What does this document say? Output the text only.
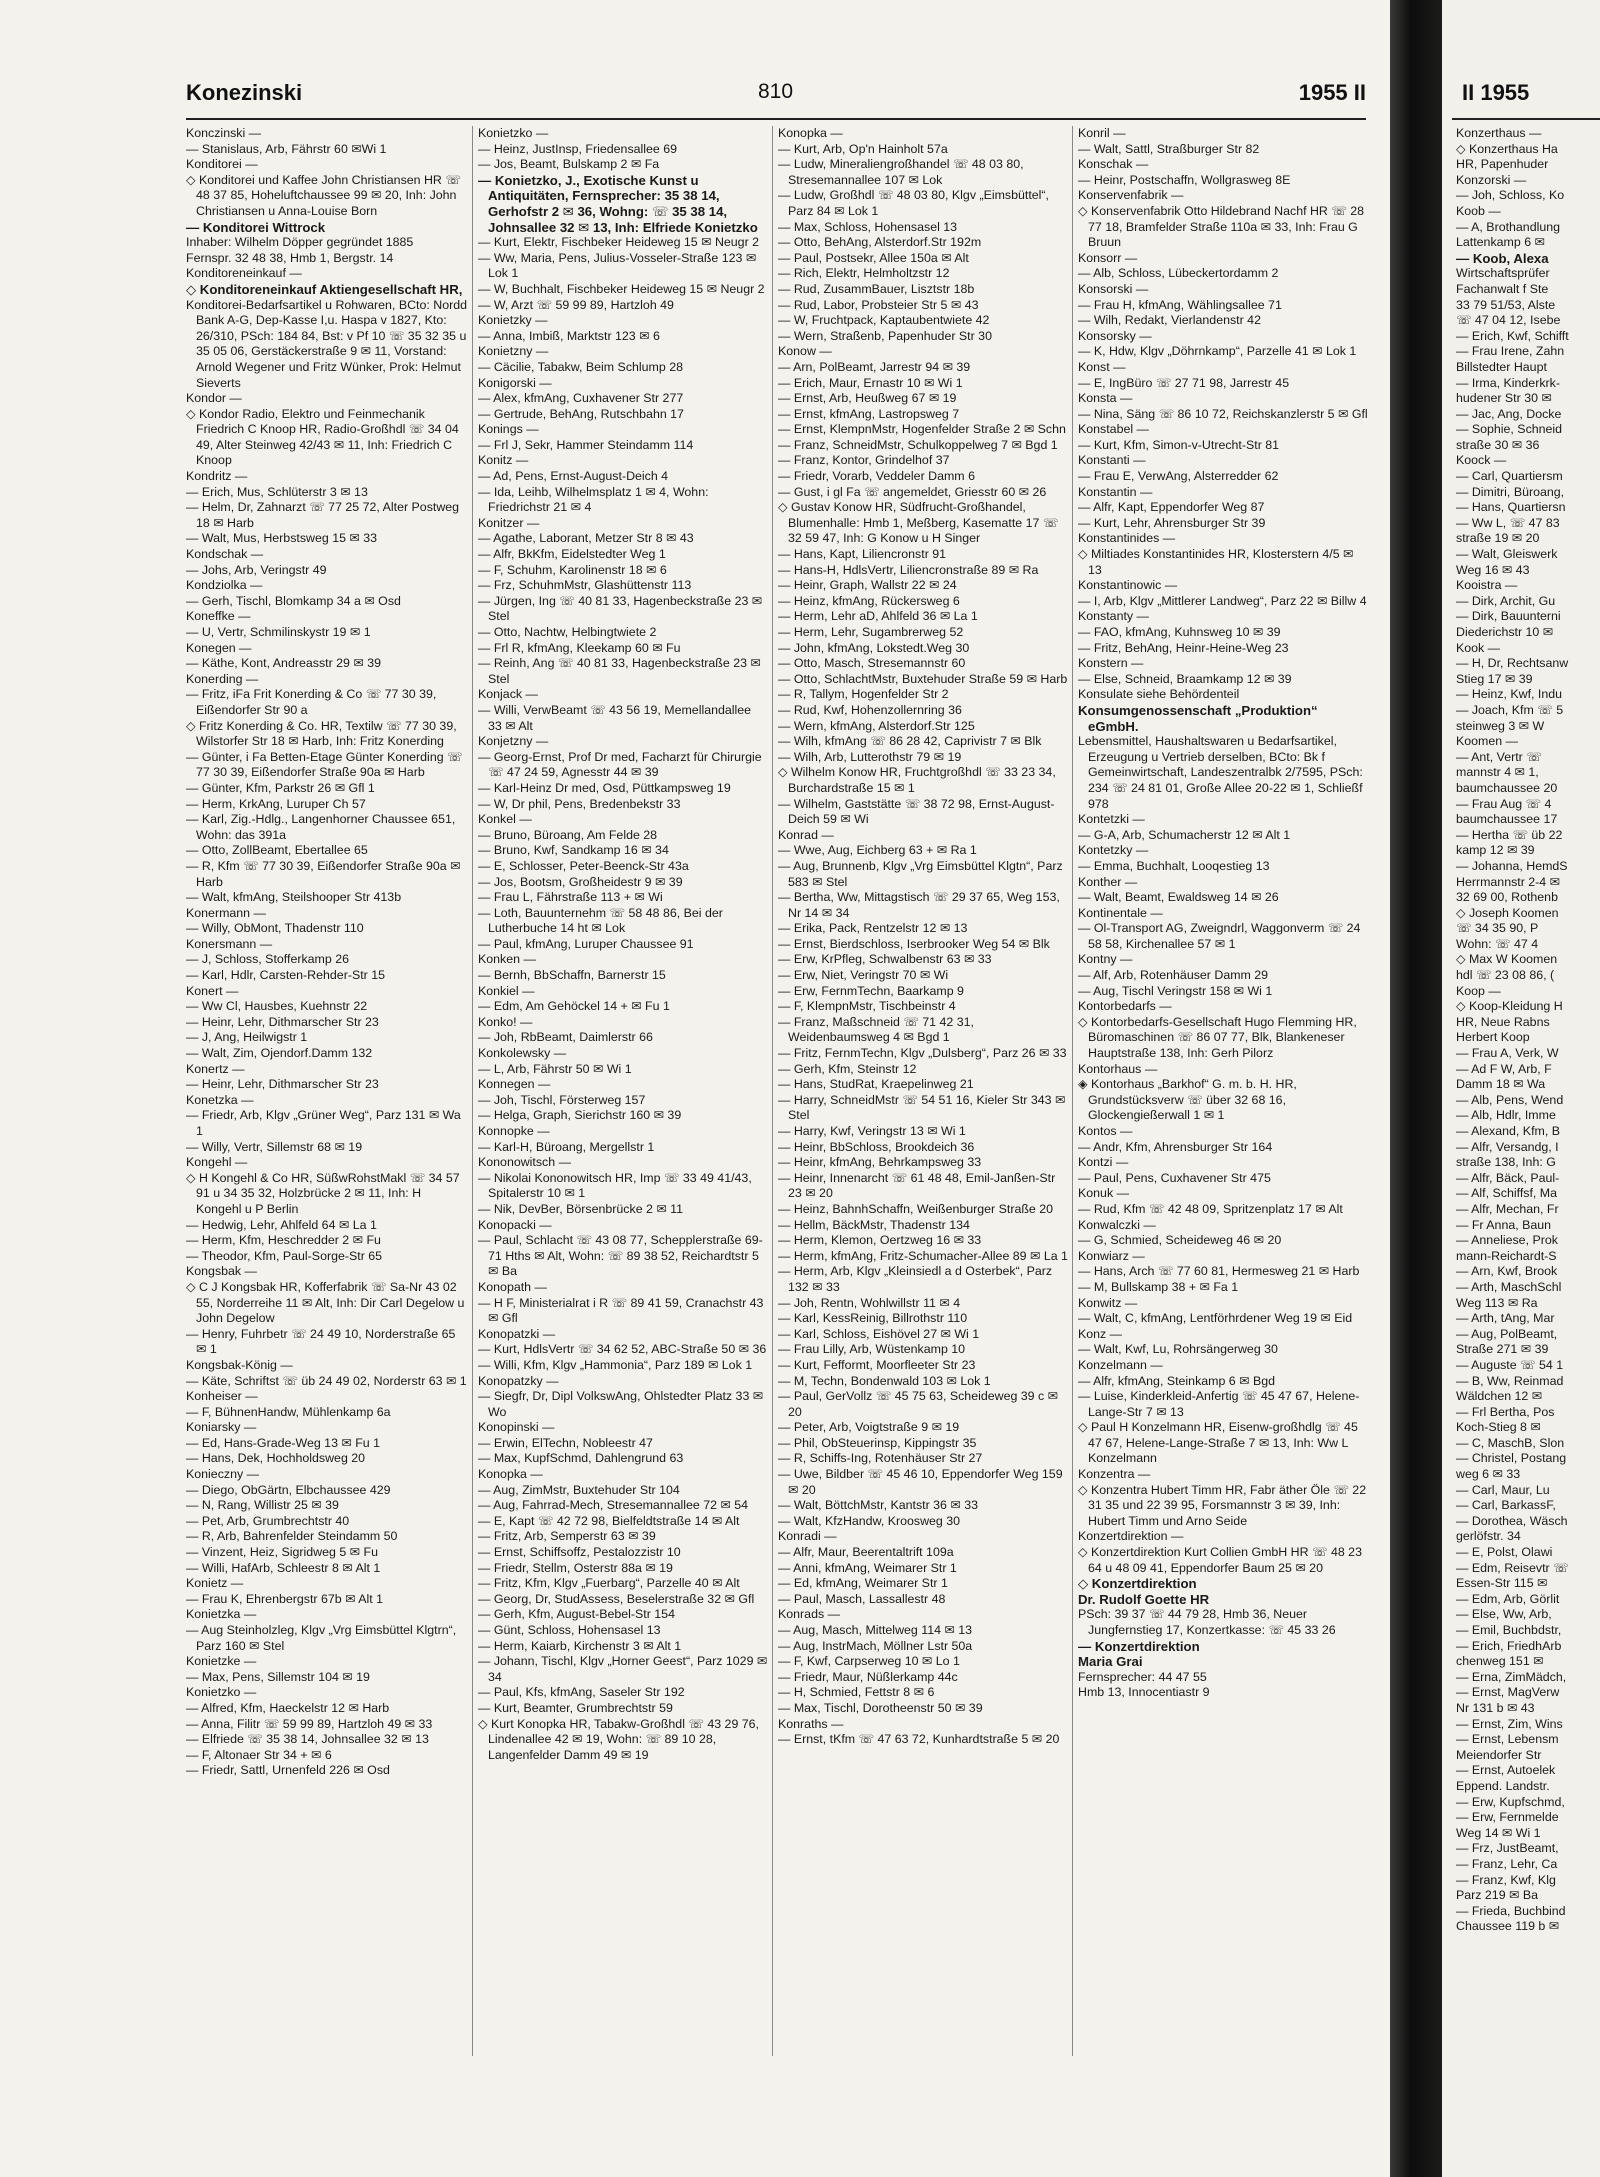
Konezinski	810	1955 II

Konczinski —

— Stanislaus, Arb, Fährstr 60 ✉Wi 1

Konditorei —

◇ Konditorei und Kaffee John Christiansen HR ☏ 48 37 85, Hoheluftchaussee 99 ✉ 20, Inh: John Christiansen u Anna-Louise Born

— Konditorei Wittrock

Inhaber: Wilhelm Döpper gegründet 1885

Fernspr. 32 48 38, Hmb 1, Bergstr. 14

Konditoreneinkauf —

◇ Konditoreneinkauf Aktiengesellschaft HR,

Konditorei-Bedarfsartikel u Rohwaren, BCto: Nordd Bank A-G, Dep-Kasse I,u. Haspa v 1827, Kto: 26/310, PSch: 184 84, Bst: v Pf 10 ☏ 35 32 35 u 35 05 06, Gerstäckerstraße 9 ✉ 11, Vorstand: Arnold Wegener und Fritz Wünker, Prok: Helmut Sieverts

Kondor —

◇ Kondor Radio, Elektro und Feinmechanik Friedrich C Knoop HR, Radio-Großhdl ☏ 34 04 49, Alter Steinweg 42/43 ✉ 11, Inh: Friedrich C Knoop

Kondritz —

— Erich, Mus, Schlüterstr 3 ✉ 13

— Helm, Dr, Zahnarzt ☏ 77 25 72, Alter Postweg 18 ✉ Harb

— Walt, Mus, Herbstsweg 15 ✉ 33

Kondschak —

— Johs, Arb, Veringstr 49

Kondziolka —

— Gerh, Tischl, Blomkamp 34 a ✉ Osd

Koneffke —

— U, Vertr, Schmilinskystr 19 ✉ 1

Konegen —

— Käthe, Kont, Andreasstr 29 ✉ 39

Konerding —

— Fritz, iFa Frit Konerding & Co ☏ 77 30 39, Eißendorfer Str 90 a

◇ Fritz Konerding & Co. HR, Textilw ☏ 77 30 39, Wilstorfer Str 18 ✉ Harb, Inh: Fritz Konerding

— Günter, i Fa Betten-Etage Günter Konerding ☏ 77 30 39, Eißendorfer Straße 90a ✉ Harb

— Günter, Kfm, Parkstr 26 ✉ Gfl 1

— Herm, KrkAng, Luruper Ch 57

— Karl, Zig.-Hdlg., Langenhorner Chaussee 651, Wohn: das 391a

— Otto, ZollBeamt, Ebertallee 65

— R, Kfm ☏ 77 30 39, Eißendorfer Straße 90a ✉ Harb

— Walt, kfmAng, Steilshooper Str 413b

Konermann —

— Willy, ObMont, Thadenstr 110

Konersmann —

— J, Schloss, Stofferkamp 26

— Karl, Hdlr, Carsten-Rehder-Str 15

Konert —

— Ww Cl, Hausbes, Kuehnstr 22

— Heinr, Lehr, Dithmarscher Str 23

— J, Ang, Heilwigstr 1

— Walt, Zim, Ojendorf.Damm 132

Konertz —

— Heinr, Lehr, Dithmarscher Str 23

Konetzka —

— Friedr, Arb, Klgv „Grüner Weg“, Parz 131 ✉ Wa 1

— Willy, Vertr, Sillemstr 68 ✉ 19

Kongehl —

◇ H Kongehl & Co HR, SüßwRohstMakl ☏ 34 57 91 u 34 35 32, Holzbrücke 2 ✉ 11, Inh: H Kongehl u P Berlin

— Hedwig, Lehr, Ahlfeld 64 ✉ La 1

— Herm, Kfm, Heschredder 2 ✉ Fu

— Theodor, Kfm, Paul-Sorge-Str 65

Kongsbak —

◇ C J Kongsbak HR, Kofferfabrik ☏ Sa-Nr 43 02 55, Norderreihe 11 ✉ Alt, Inh: Dir Carl Degelow u John Degelow

— Henry, Fuhrbetr ☏ 24 49 10, Norderstraße 65 ✉ 1

Kongsbak-König —

— Käte, Schriftst ☏ üb 24 49 02, Norderstr 63 ✉ 1

Konheiser —

— F, BühnenHandw, Mühlenkamp 6a

Koniarsky —

— Ed, Hans-Grade-Weg 13 ✉ Fu 1

— Hans, Dek, Hochholdsweg 20

Koniecznу —

— Diego, ObGärtn, Elbchaussee 429

— N, Rang, Willistr 25 ✉ 39

— Pet, Arb, Grumbrechtstr 40

— R, Arb, Bahrenfelder Steindamm 50

— Vinzent, Heiz, Sigridweg 5 ✉ Fu

— Willi, HafArb, Schleestr 8 ✉ Alt 1

Konietz —

— Frau K, Ehrenbergstr 67b ✉ Alt 1

Konietzka —

— Aug Steinholzleg, Klgv „Vrg Eimsbüttel Klgtrn“, Parz 160 ✉ Stel

Konietzke —

— Max, Pens, Sillemstr 104 ✉ 19

Konietzko —

— Alfred, Kfm, Haeckelstr 12 ✉ Harb

— Anna, Filitr ☏ 59 99 89, Hartzloh 49 ✉ 33

— Elfriede ☏ 35 38 14, Johnsallee 32 ✉ 13

— F, Altonaer Str 34 + ✉ 6

— Friedr, Sattl, Urnenfeld 226 ✉ Osd

Konietzko —

— Heinz, JustInsp, Friedensallee 69

— Jos, Beamt, Bulskamp 2 ✉ Fa

— Konietzko, J., Exotische Kunst u Antiquitäten, Fernsprecher: 35 38 14, Gerhofstr 2 ✉ 36, Wohng: ☏ 35 38 14, Johnsallee 32 ✉ 13, Inh: Elfriede Konietzko

— Kurt, Elektr, Fischbeker Heideweg 15 ✉ Neugr 2

— Ww, Maria, Pens, Julius-Vosseler-Straße 123 ✉ Lok 1

— W, Buchhalt, Fischbeker Heideweg 15 ✉ Neugr 2

— W, Arzt ☏ 59 99 89, Hartzloh 49

Konietzky —

— Anna, Imbiß, Marktstr 123 ✉ 6

Konietzny —

— Cäcilie, Tabakw, Beim Schlump 28

Konigorski —

— Alex, kfmAng, Cuxhavener Str 277

— Gertrude, BehAng, Rutschbahn 17

Konings —

— Frl J, Sekr, Hammer Steindamm 114

Konitz —

— Ad, Pens, Ernst-August-Deich 4

— Ida, Leihb, Wilhelmsplatz 1 ✉ 4, Wohn: Friedrichstr 21 ✉ 4

Konitzer —

— Agathe, Laborant, Metzer Str 8 ✉ 43

— Alfr, BkKfm, Eidelstedter Weg 1

— F, Schuhm, Karolinenstr 18 ✉ 6

— Frz, SchuhmMstr, Glashüttenstr 113

— Jürgen, Ing ☏ 40 81 33, Hagenbeckstraße 23 ✉ Stel

— Otto, Nachtw, Helbingtwiete 2

— Frl R, kfmAng, Kleekamp 60 ✉ Fu

— Reinh, Ang ☏ 40 81 33, Hagenbeckstraße 23 ✉ Stel

Konjack —

— Willi, VerwBeamt ☏ 43 56 19, Memellandallee 33 ✉ Alt

Konjetzny —

— Georg-Ernst, Prof Dr med, Facharzt für Chirurgie ☏ 47 24 59, Agnesstr 44 ✉ 39

— Karl-Heinz Dr med, Osd, Püttkampsweg 19

— W, Dr phil, Pens, Bredenbekstr 33

Konkel —

— Bruno, Büroang, Am Felde 28

— Bruno, Kwf, Sandkamp 16 ✉ 34

— E, Schlosser, Peter-Beenck-Str 43a

— Jos, Bootsm, Großheidestr 9 ✉ 39

— Frau L, Fährstraße 113 + ✉ Wi

— Loth, Bauunternehm ☏ 58 48 86, Bei der Lutherbuche 14 ht ✉ Lok

— Paul, kfmAng, Luruper Chaussee 91

Konken —

— Bernh, BbSchaffn, Barnerstr 15

Konkiel —

— Edm, Am Gehöckel 14 + ✉ Fu 1

Konko! —

— Joh, RbBeamt, Daimlerstr 66

Konkolewsky —

— L, Arb, Fährstr 50 ✉ Wi 1

Konnegen —

— Joh, Tischl, Försterweg 157

— Helga, Graph, Sierichstr 160 ✉ 39

Konnopke —

— Karl-H, Büroang, Mergellstr 1

Kononowitsch —

— Nikolai Kononowitsch HR, Imp ☏ 33 49 41/43, Spitalerstr 10 ✉ 1

— Nik, DevBer, Börsenbrücke 2 ✉ 11

Konopacki —

— Paul, Schlacht ☏ 43 08 77, Schepplerstraße 69-71 Hths ✉ Alt, Wohn: ☏ 89 38 52, Reichardtstr 5 ✉ Ba

Konopath —

— H F, Ministerialrat i R ☏ 89 41 59, Cranachstr 43 ✉ Gfl

Konopatzki —

— Kurt, HdlsVertr ☏ 34 62 52, ABC-Straße 50 ✉ 36

— Willi, Kfm, Klgv „Hammonia“, Parz 189 ✉ Lok 1

Konopatzky —

— Siegfr, Dr, Dipl VolkswAng, Ohlstedter Platz 33 ✉ Wo

Konopinski —

— Erwin, ElTechn, Nobleestr 47

— Max, KupfSchmd, Dahlengrund 63

Konopka —

— Aug, ZimMstr, Buxtehuder Str 104

— Aug, Fahrrad-Mech, Stresemannallee 72 ✉ 54

— E, Kapt ☏ 42 72 98, Bielfeldtstraße 14 ✉ Alt

— Fritz, Arb, Semperstr 63 ✉ 39

— Ernst, Schiffsoffz, Pestalozzistr 10

— Friedr, Stellm, Osterstr 88a ✉ 19

— Fritz, Kfm, Klgv „Fuerbarg“, Parzelle 40 ✉ Alt

— Georg, Dr, StudAssess, Beselerstraße 32 ✉ Gfl

— Gerh, Kfm, August-Bebel-Str 154

— Günt, Schloss, Hohensasel 13

— Herm, Kaiarb, Kirchenstr 3 ✉ Alt 1

— Johann, Tischl, Klgv „Horner Geest“, Parz 1029 ✉ 34

— Paul, Kfs, kfmAng, Saseler Str 192

— Kurt, Beamter, Grumbrechtstr 59

◇ Kurt Konopka HR, Tabakw-Großhdl ☏ 43 29 76, Lindenallee 42 ✉ 19, Wohn: ☏ 89 10 28, Langenfelder Damm 49 ✉ 19

Konopka —

— Kurt, Arb, Op'n Hainholt 57a

— Ludw, Mineraliengroßhandel ☏ 48 03 80, Stresemannallee 107 ✉ Lok

— Ludw, Großhdl ☏ 48 03 80, Klgv „Eimsbüttel“, Parz 84 ✉ Lok 1

— Max, Schloss, Hohensasel 13

— Otto, BehAng, Alsterdorf.Str 192m

— Paul, Postsekr, Allee 150a ✉ Alt

— Rich, Elektr, Helmholtzstr 12

— Rud, ZusammBauer, Lisztstr 18b

— Rud, Labor, Probsteier Str 5 ✉ 43

— W, Fruchtpack, Kaptaubentwiete 42

— Wern, Straßenb, Papenhuder Str 30

Konow —

— Arn, PolBeamt, Jarrestr 94 ✉ 39

— Erich, Maur, Ernastr 10 ✉ Wi 1

— Ernst, Arb, Heußweg 67 ✉ 19

— Ernst, kfmAng, Lastropsweg 7

— Ernst, KlempnMstr, Hogenfelder Straße 2 ✉ Schn

— Franz, SchneidMstr, Schulkoppelweg 7 ✉ Bgd 1

— Franz, Kontor, Grindelhof 37

— Friedr, Vorarb, Veddeler Damm 6

— Gust, i gl Fa ☏ angemeldet, Griesstr 60 ✉ 26

◇ Gustav Konow HR, Südfrucht-Großhandel, Blumenhalle: Hmb 1, Meßberg, Kasematte 17 ☏ 32 59 47, Inh: G Konow u H Singer

— Hans, Kapt, Liliencronstr 91

— Hans-H, HdlsVertr, Liliencronstraße 89 ✉ Ra

— Heinr, Graph, Wallstr 22 ✉ 24

— Heinz, kfmAng, Rückersweg 6

— Herm, Lehr aD, Ahlfeld 36 ✉ La 1

— Herm, Lehr, Sugambrerweg 52

— John, kfmAng, Lokstedt.Weg 30

— Otto, Masch, Stresemannstr 60

— Otto, SchlachtMstr, Buxtehuder Straße 59 ✉ Harb

— R, Tallym, Hogenfelder Str 2

— Rud, Kwf, Hohenzollernring 36

— Wern, kfmAng, Alsterdorf.Str 125

— Wilh, kfmAng ☏ 86 28 42, Caprivistr 7 ✉ Blk

— Wilh, Arb, Lutterothstr 79 ✉ 19

◇ Wilhelm Konow HR, Fruchtgroßhdl ☏ 33 23 34, Burchardstraße 15 ✉ 1

— Wilhelm, Gaststätte ☏ 38 72 98, Ernst-August-Deich 59 ✉ Wi

Konrad —

— Wwe, Aug, Eichberg 63 + ✉ Ra 1

— Aug, Brunnenb, Klgv „Vrg Eimsbüttel Klgtn“, Parz 583 ✉ Stel

— Bertha, Ww, Mittagstisch ☏ 29 37 65, Weg 153, Nr 14 ✉ 34

— Erika, Pack, Rentzelstr 12 ✉ 13

— Ernst, Bierdschloss, Iserbrooker Weg 54 ✉ Blk

— Erw, KrPfleg, Schwalbenstr 63 ✉ 33

— Erw, Niet, Veringstr 70 ✉ Wi

— Erw, FernmTechn, Baarkamp 9

— F, KlempnMstr, Tischbeinstr 4

— Franz, Maßschneid ☏ 71 42 31, Weidenbaumsweg 4 ✉ Bgd 1

— Fritz, FernmTechn, Klgv „Dulsberg“, Parz 26 ✉ 33

— Gerh, Kfm, Steinstr 12

— Hans, StudRat, Kraepelinweg 21

— Harry, SchneidMstr ☏ 54 51 16, Kieler Str 343 ✉ Stel

— Harry, Kwf, Veringstr 13 ✉ Wi 1

— Heinr, BbSchloss, Brookdeich 36

— Heinr, kfmAng, Behrkampsweg 33

— Heinr, Innenarcht ☏ 61 48 48, Emil-Janßen-Str 23 ✉ 20

— Heinz, BahnhSchaffn, Weißenburger Straße 20

— Hellm, BäckMstr, Thadenstr 134

— Herm, Klemon, Oertzweg 16 ✉ 33

— Herm, kfmAng, Fritz-Schumacher-Allee 89 ✉ La 1

— Herm, Arb, Klgv „Kleinsiedl a d Osterbek“, Parz 132 ✉ 33

— Joh, Rentn, Wohlwillstr 11 ✉ 4

— Karl, KessReinig, Billrothstr 110

— Karl, Schloss, Eishövel 27 ✉ Wi 1

— Frau Lilly, Arb, Wüstenkamp 10

— Kurt, Fefformt, Moorfleeter Str 23

— M, Techn, Bondenwald 103 ✉ Lok 1

— Paul, GerVollz ☏ 45 75 63, Scheideweg 39 c ✉ 20

— Peter, Arb, Voigtstraße 9 ✉ 19

— Phil, ObSteuerinsp, Kippingstr 35

— R, Schiffs-Ing, Rotenhäuser Str 27

— Uwe, Bildber ☏ 45 46 10, Eppendorfer Weg 159 ✉ 20

— Walt, BöttchMstr, Kantstr 36 ✉ 33

— Walt, KfzHandw, Kroosweg 30

Konradi —

— Alfr, Maur, Beerentaltrift 109a

— Anni, kfmAng, Weimarer Str 1

— Ed, kfmAng, Weimarer Str 1

— Paul, Masch, Lassallestr 48

Konrads —

— Aug, Masch, Mittelweg 114 ✉ 13

— Aug, InstrMach, Möllner Lstr 50a

— F, Kwf, Carpserweg 10 ✉ Lo 1

— Friedr, Maur, Nüßlerkamp 44c

— H, Schmied, Fettstr 8 ✉ 6

— Max, Tischl, Dorotheenstr 50 ✉ 39

Konraths —

— Ernst, tKfm ☏ 47 63 72, Kunhardtstraße 5 ✉ 20

Konril —

— Walt, Sattl, Straßburger Str 82

Konschak —

— Heinr, Postschaffn, Wollgrasweg 8E

Konservenfabrik —

◇ Konservenfabrik Otto Hildebrand Nachf HR ☏ 28 77 18, Bramfelder Straße 110a ✉ 33, Inh: Frau G Bruun

Konsorr —

— Alb, Schloss, Lübeckertordamm 2

Konsorski —

— Frau H, kfmAng, Wählingsallee 71

— Wilh, Redakt, Vierlandenstr 42

Konsorsky —

— K, Hdw, Klgv „Döhrnkamp“, Parzelle 41 ✉ Lok 1

Konst —

— E, IngBüro ☏ 27 71 98, Jarrestr 45

Konsta —

— Nina, Säng ☏ 86 10 72, Reichskanzlerstr 5 ✉ Gfl

Konstabel —

— Kurt, Kfm, Simon-v-Utrecht-Str 81

Konstanti —

— Frau E, VerwAng, Alsterredder 62

Konstantin —

— Alfr, Kapt, Eppendorfer Weg 87

— Kurt, Lehr, Ahrensburger Str 39

Konstantinides —

◇ Miltiades Konstantinides HR, Klosterstern 4/5 ✉ 13

Konstantinowic —

— I, Arb, Klgv „Mittlerer Landweg“, Parz 22 ✉ Billw 4

Konstanty —

— FAO, kfmAng, Kuhnsweg 10 ✉ 39

— Fritz, BehAng, Heinr-Heine-Weg 23

Konstern —

— Else, Schneid, Braamkamp 12 ✉ 39

Konsulate siehe Behördenteil

Konsumgenossenschaft „Produktion“ eGmbH.

Lebensmittel, Haushaltswaren u Bedarfsartikel, Erzeugung u Vertrieb derselben, BCto: Bk f Gemeinwirtschaft, Landeszentralbk 2/7595, PSch: 234 ☏ 24 81 01, Große Allee 20-22 ✉ 1, Schließf 978

Kontetzki —

— G-A, Arb, Schumacherstr 12 ✉ Alt 1

Kontetzky —

— Emma, Buchhalt, Looqestieg 13

Konther —

— Walt, Beamt, Ewaldsweg 14 ✉ 26

Kontinentale —

— Ol-Transport AG, Zweigndrl, Waggonverm ☏ 24 58 58, Kirchenallee 57 ✉ 1

Kontny —

— Alf, Arb, Rotenhäuser Damm 29

— Aug, Tischl Veringstr 158 ✉ Wi 1

Kontorbedarfs —

◇ Kontorbedarfs-Gesellschaft Hugo Flemming HR, Büromaschinen ☏ 86 07 77, Blk, Blankeneser Hauptstraße 138, Inh: Gerh Pilorz

Kontorhaus —

◈ Kontorhaus „Barkhof“ G. m. b. H. HR, Grundstücksverw ☏ über 32 68 16, Glockengießerwall 1 ✉ 1

Kontos —

— Andr, Kfm, Ahrensburger Str 164

Kontzi —

— Paul, Pens, Cuxhavener Str 475

Konuk —

— Rud, Kfm ☏ 42 48 09, Spritzenplatz 17 ✉ Alt

Konwalczki —

— G, Schmied, Scheideweg 46 ✉ 20

Konwiarz —

— Hans, Arch ☏ 77 60 81, Hermesweg 21 ✉ Harb

— M, Bullskamp 38 + ✉ Fa 1

Konwitz —

— Walt, C, kfmAng, Lentförhrdener Weg 19 ✉ Eid

Konz —

— Walt, Kwf, Lu, Rohrsängerweg 30

Konzelmann —

— Alfr, kfmAng, Steinkamp 6 ✉ Bgd

— Luise, Kinderkleid-Anfertig ☏ 45 47 67, Helene-Lange-Str 7 ✉ 13

◇ Paul H Konzelmann HR, Eisenw-großhdlg ☏ 45 47 67, Helene-Lange-Straße 7 ✉ 13, Inh: Ww L Konzelmann

Konzentra —

◇ Konzentra Hubert Timm HR, Fabr äther Öle ☏ 22 31 35 und 22 39 95, Forsmannstr 3 ✉ 39, Inh: Hubert Timm und Arno Seide

Konzertdirektion —

◇ Konzertdirektion Kurt Collien GmbH HR ☏ 48 23 64 u 48 09 41, Eppendorfer Baum 25 ✉ 20

◇ Konzertdirektion

Dr. Rudolf Goette HR

PSch: 39 37 ☏ 44 79 28, Hmb 36, Neuer Jungfernstieg 17, Konzertkasse: ☏ 45 33 26

— Konzertdirektion

Maria Grai

Fernsprecher: 44 47 55

Hmb 13, Innocentiastr 9

II 1955

Konzerthaus —

◇ Konzerthaus Ha

HR, Papenhuder

Konzorski —

— Joh, Schloss, Ko

Koob —

— A, Brothandlung

Lattenkamp 6 ✉

— Koob, Alexa

Wirtschaftsprüfer

Fachanwalt f Ste

33 79 51/53, Alste

☏ 47 04 12, Isebe

— Erich, Kwf, Schifft

— Frau Irene, Zahn

Billstedter Haupt

— Irma, Kinderkrk-

hudener Str 30 ✉

— Jac, Ang, Docke

— Sophie, Schneid

straße 30 ✉ 36

Koock —

— Carl, Quartiersm

— Dimitri, Büroang,

— Hans, Quartiersn

— Ww L, ☏ 47 83

straße 19 ✉ 20

— Walt, Gleiswerk

Weg 16 ✉ 43

Kooistra —

— Dirk, Archit, Gu

— Dirk, Bauunterni

Diederichstr 10 ✉

Kook —

— H, Dr, Rechtsanw

Stieg 17 ✉ 39

— Heinz, Kwf, Indu

— Joach, Kfm ☏ 5

steinweg 3 ✉ W

Koomen —

— Ant, Vertr ☏

mannstr 4 ✉ 1,

baumchaussee 20

— Frau Aug ☏ 4

baumchaussee 17

— Hertha ☏ üb 22

kamp 12 ✉ 39

— Johanna, HemdS

Herrmannstr 2-4 ✉

32 69 00, Rothenb

◇ Joseph Koomen

☏ 34 35 90, P

Wohn: ☏ 47 4

◇ Max W Koomen

hdl ☏ 23 08 86, (

Koop —

◇ Koop-Kleidung H

HR, Neue Rabns

Herbert Koop

— Frau A, Verk, W

— Ad F W, Arb, F

Damm 18 ✉ Wa

— Alb, Pens, Wend

— Alb, Hdlr, Imme

— Alexand, Kfm, B

— Alfr, Versandg, I

straße 138, Inh: G

— Alfr, Bäck, Paul-

— Alf, Schiffsf, Ma

— Alfr, Mechan, Fr

— Fr Anna, Baun

— Anneliese, Prok

mann-Reichardt-S

— Arn, Kwf, Brook

— Arth, MaschSchl

Weg 113 ✉ Ra

— Arth, tAng, Mar

— Aug, PolBeamt,

Straße 271 ✉ 39

— Auguste ☏ 54 1

— B, Ww, Reinmad

Wäldchen 12 ✉

— Frl Bertha, Pos

Koch-Stieg 8 ✉

— C, MaschB, Slon

— Christel, Postang

weg 6 ✉ 33

— Carl, Maur, Lu

— Carl, BarkassF,

— Dorothea, Wäsch

gerlöfstr. 34

— E, Polst, Olawi

— Edm, Reisevtr ☏

Essen-Str 115 ✉

— Edm, Arb, Görlit

— Else, Ww, Arb,

— Emil, Buchbdstr,

— Erich, FriedhArb

chenweg 151 ✉

— Erna, ZimMädch,

— Ernst, MagVerw

Nr 131 b ✉ 43

— Ernst, Zim, Wins

— Ernst, Lebensm

Meiendorfer Str

— Ernst, Autoelek

Eppend. Landstr.

— Erw, Kupfschmd,

— Erw, Fernmelde

Weg 14 ✉ Wi 1

— Frz, JustBeamt,

— Franz, Lehr, Ca

— Franz, Kwf, Klg

Parz 219 ✉ Ba

— Frieda, Buchbind

Chaussee 119 b ✉
